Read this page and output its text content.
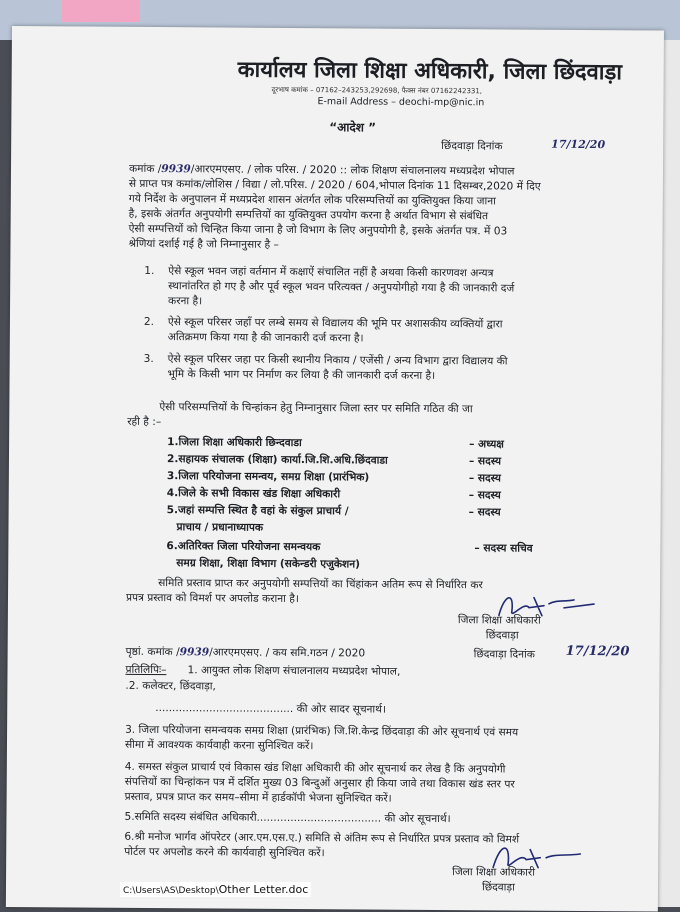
कार्यालय जिला शिक्षा अधिकारी, जिला छिंदवाड़ा
दूरभाष कमांक – 07162–243253,292698, फैक्स नंबर 07162242331,
E-mail Address – deochi-mp@nic.in
“आदेश ”
छिंदवाड़ा दिनांक	17/12/20
कमांक /9939/आरएमएसए. / लोक परिस. / 2020 :: लोक शिक्षण संचालनालय मध्यप्रदेश भोपाल
से प्राप्त पत्र कमांक/लोशिस / विद्या / लो.परिस. / 2020 / 604,भोपाल दिनांक 11 दिसम्बर,2020 में दिए
गये निर्देश के अनुपालन में मध्यप्रदेश शासन अंतर्गत लोक परिसम्पत्तियों का युक्तियुक्त किया जाना
है, इसके अंतर्गत अनुपयोगी सम्पत्तियों का युक्तियुक्त उपयोग करना है अर्थात विभाग से संबंधित
ऐसी सम्पत्तियों को चिन्हित किया जाना है जो विभाग के लिए अनुपयोगी है, इसके अंतर्गत पत्र. में 03
श्रेणियां दर्शाई गई है जो निम्नानुसार है –
1. ऐसे स्कूल भवन जहां वर्तमान में कक्षाऐं संचालित नहीं है अथवा किसी कारणवश अन्यत्र
स्थानांतरित हो गए है और पूर्व स्कूल भवन परित्यक्त / अनुपयोगीहो गया है की जानकारी दर्ज
करना है।
2. ऐसे स्कूल परिसर जहाँ पर लम्बे समय से विद्यालय की भूमि पर अशासकीय व्यक्तियों द्वारा
अतिक्रमण किया गया है की जानकारी दर्ज करना है।
3. ऐसे स्कूल परिसर जहा पर किसी स्थानीय निकाय / एजेंसी / अन्य विभाग द्वारा विद्यालय की
भूमि के किसी भाग पर निर्माण कर लिया है की जानकारी दर्ज करना है।
ऐसी परिसम्पत्तियों के चिन्हांकन हेतु निम्नानुसार जिला स्तर पर समिति गठित की जा
रही है :–
1.जिला शिक्षा अधिकारी छिन्दवाडा	– अध्यक्ष
2.सहायक संचालक (शिक्षा) कार्या.जि.शि.अधि.छिंदवाडा	– सदस्य
3.जिला परियोजना समन्वय, समग्र शिक्षा (प्रारंभिक)	– सदस्य
4.जिले के सभी विकास खंड शिक्षा अधिकारी	– सदस्य
5.जहां सम्पत्ति स्थित है वहां के संकुल प्राचार्य /	– सदस्य
प्राचाय / प्रधानाध्यापक
6.अतिरिक्त जिला परियोजना समन्वयक	– सदस्य सचिव
समग्र शिक्षा, शिक्षा विभाग (सकेन्डरी एजुकेशन)
समिति प्रस्ताव प्राप्त कर अनुपयोगी सम्पत्तियों का चिंहांकन अतिम रूप से निर्धारित कर
प्रपत्र प्रस्ताव को विमर्श पर अपलोड कराना है।
जिला शिक्षा अधिकारी
छिंदवाड़ा
पृष्ठां. कमांक /9939/आरएमएसए. / कय समि.गठन / 2020	छिंदवाड़ा दिनांक 17/12/20
प्रतिलिपिः– 1. आयुक्त लोक शिक्षण संचालनालय मध्यप्रदेश भोपाल,
.2. कलेक्टर, छिंदवाड़ा,
......................................... की ओर सादर सूचनार्थ।
3. जिला परियोजना समन्वयक समग्र शिक्षा (प्रारंभिक) जि.शि.केन्द्र छिंदवाड़ा की ओर सूचनार्थ एवं समय
सीमा में आवश्यक कार्यवाही करना सुनिश्चित करें।
4. समस्त संकुल प्राचार्य एवं विकास खंड शिक्षा अधिकारी की ओर सूचनार्थ कर लेख है कि अनुपयोगी
संपत्तियों का चिन्हांकन पत्र में दर्शित मुख्य 03 बिन्दुओं अनुसार ही किया जावे तथा विकास खंड स्तर पर
प्रस्ताव, प्रपत्र प्राप्त कर समय–सीमा में हार्डकॉपी भेजना सुनिश्चित करें।
5.समिति सदस्य संबंधित अधिकारी..................................... की ओर सूचनार्थ।
6.श्री मनोज भार्गव ऑपरेटर (आर.एम.एस.ए.) समिति से अंतिम रूप से निर्धारित प्रपत्र प्रस्ताव को विमर्श
पोर्टल पर अपलोड करने की कार्यवाही सुनिश्चित करें।
जिला शिक्षा अधिकारी
छिंदवाड़ा
C:\Users\AS\Desktop\Other Letter.doc
